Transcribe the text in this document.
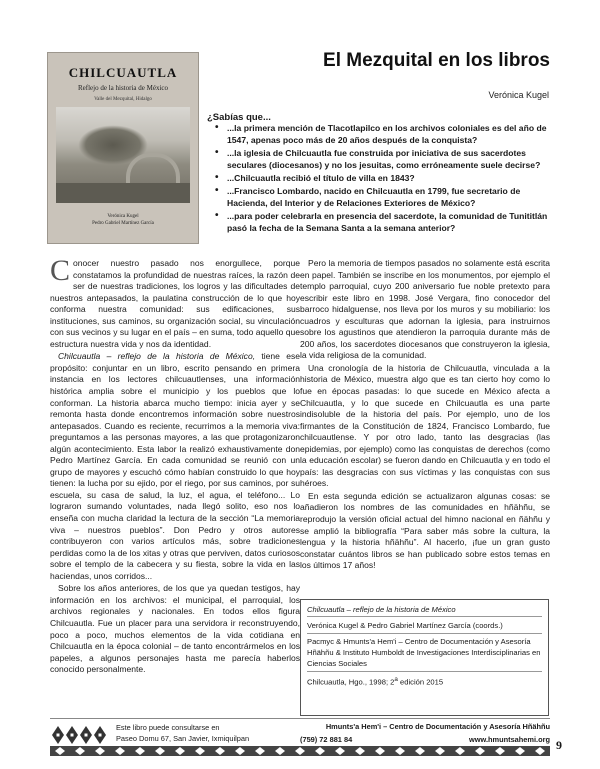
CHILCUAUTLA
Reflejo de la historia de México
Valle del Mezquital, Hidalgo
Verónica Kugel
Pedro Gabriel Martínez García
El Mezquital en los libros
Verónica Kugel
¿Sabías que...
• ...la primera mención de Tlacotlapilco en los archivos coloniales es del año de 1547, apenas poco más de 20 años después de la conquista?
• ...la iglesia de Chilcuautla fue construida por iniciativa de sus sacerdotes seculares (diocesanos) y no los jesuitas, como erróneamente suele decirse?
• ...Chilcuautla recibió el título de villa en 1843?
• ...Francisco Lombardo, nacido en Chilcuautla en 1799, fue secretario de Hacienda, del Interior y de Relaciones Exteriores de México?
• ...para poder celebrarla en presencia del sacerdote, la comunidad de Tunititlán pasó la fecha de la Semana Santa a la semana anterior?

Conocer nuestro pasado nos enorgullece, porque constatamos la profundidad de nuestras raíces, la razón de ser de nuestras tradiciones, los logros y las dificultades de nuestros antepasados, la paulatina construcción de lo que hoy conforma nuestra comunidad: sus edificaciones, sus instituciones, sus caminos, su organización social, su vinculación con sus vecinos y su lugar en el país – en suma, todo aquello que estructura nuestra vida y nos da identidad.

Chilcuautla – reflejo de la historia de México, tiene ese propósito: conjuntar en un libro, escrito pensando en primera instancia en los lectores chilcuautlenses, una información histórica amplia sobre el municipio y los pueblos que lo conforman. La historia abarca mucho tiempo: inicia ayer y se remonta hasta donde encontremos información sobre nuestros antepasados. Cuando es reciente, recurrimos a la memoria viva: preguntamos a las personas mayores, a las que protagonizaron algún acontecimiento. Esta labor la realizó exhaustivamente don Pedro Martínez García. En cada comunidad se reunió con un grupo de mayores y escuchó cómo habían construido lo que hoy tienen: la lucha por su ejido, por el riego, por sus caminos, por su escuela, su casa de salud, la luz, el agua, el teléfono... Lo lograron sumando voluntades, nada llegó solito, eso nos lo enseña con mucha claridad la lectura de la sección “La memoria viva – nuestros pueblos”. Don Pedro y otros autores contribuyeron con varios artículos más, sobre tradiciones perdidas como la de los xitas y otras que perviven, datos curiosos sobre el templo de la cabecera y su fiesta, sobre la vida en las haciendas, unos corridos...

Sobre los años anteriores, de los que ya quedan testigos, hay información en los archivos: el municipal, el parroquial, los archivos regionales y nacionales. En todos ellos figura Chilcuautla. Fue un placer para una servidora ir reconstruyendo, poco a poco, muchos elementos de la vida cotidiana en Chilcuautla en la época colonial – de tanto encontrármelos en los papeles, a algunos personajes hasta me parecía haberlos conocido personalmente.

Pero la memoria de tiempos pasados no solamente está escrita en papel. También se inscribe en los monumentos, por ejemplo el templo parroquial, cuyo 200 aniversario fue noble pretexto para escribir este libro en 1998. José Vergara, fino conocedor del barroco hidalguense, nos lleva por los muros y su mobiliario: los cuadros y esculturas que adornan la iglesia, para instruirnos sobre los agustinos que atendieron la parroquia durante más de 200 años, los sacerdotes diocesanos que construyeron la iglesia, la vida religiosa de la comunidad.

Una cronología de la historia de Chilcuautla, vinculada a la historia de México, muestra algo que es tan cierto hoy como lo fue en épocas pasadas: lo que sucede en México afecta a Chilcuautla, y lo que sucede en Chilcuautla es una parte indisoluble de la historia del país. Por ejemplo, uno de los firmantes de la Constitución de 1824, Francisco Lombardo, fue chilcuautlense. Y por otro lado, tanto las desgracias (las epidemias, por ejemplo) como las conquistas de derechos (como la educación escolar) se fueron dando en Chilcuautla y en todo el país: las desgracias con sus víctimas y las conquistas con sus héroes.

En esta segunda edición se actualizaron algunas cosas: se añadieron los nombres de las comunidades en hñähñu, se reprodujo la versión oficial actual del himno nacional en ñähñu y se amplió la bibliografía “Para saber más sobre la cultura, la lengua y la historia hñähñu”. Al hacerlo, ¡fue un gran gusto constatar cuántos libros se han publicado sobre estos temas en los últimos 17 años!

Chilcuautla – reflejo de la historia de México
Verónica Kugel & Pedro Gabriel Martínez García (coords.)
Pacmyc & Hmunts'a Hem'i – Centro de Documentación y Asesoría Hñähñu & Instituto Humboldt de Investigaciones Interdisciplinarias en Ciencias Sociales
Chilcuautla, Hgo., 1998; 2$^a$ edición 2015
Este libro puede consultarse en
Paseo Domu 67, San Javier, Ixmiquilpan
Hmunts'a Hem'i – Centro de Documentación y Asesoría Hñähñu
(759) 72 881 84	www.hmuntsahemi.org 9
